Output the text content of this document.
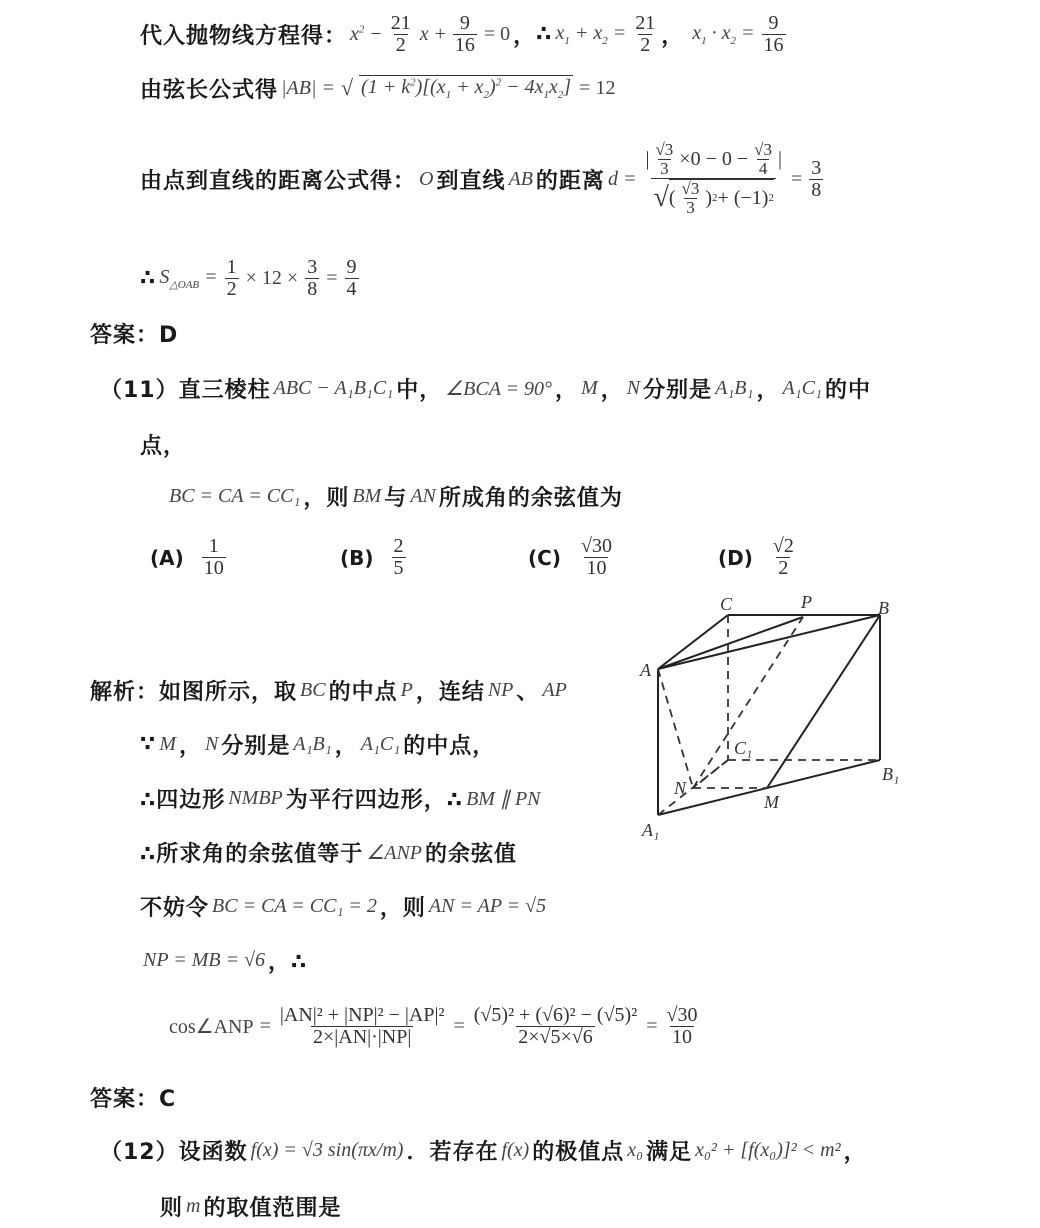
代入抛物线方程得： $x^2 - \frac{21}{2}$ $x + \frac{9}{16} = 0$ ， ∴ $x_1 + x_2 = \frac{21}{2}$ ， $x_1 \cdot x_2 = \frac{9}{16}$
由弦长公式得 |AB| = √ $(1 + k^2)[(x_1 + x_2)^2 - 4x_1x_2] = 12$
由点到直线的距离公式得： O 到直线 AB 的距离 $d = \frac{| \frac{√3}{3} \times 0 - 0 - \frac{√3}{4} |}{√ ( \frac{√3}{3} ) 2 + (-1) 2} = \frac{3}{8}$
∴ $S_{\triangle OAB} = \frac{1}{2} \times 12 \times \frac{3}{8} = \frac{9}{4}$
答案：D
（11） 直三棱柱 ABC − A₁B₁C₁ 中， ∠BCA = 90° ， M ， N 分别是 A₁B₁ ， A₁C₁ 的中
点，
BC = CA = CC₁ ，则 BM 与 AN 所成角的余弦值为
$(A) \frac{1}{10}$	$(B) \frac{2}{5}$	$(C) \frac{√30}{10}$	$(D) \frac{√2}{2}$
C	P	B
A
C₁
B₁
N
M
A₁
解析：如图所示，取 BC 的中点 P ，连结 NP 、 AP
∵ M ， N 分别是 A₁B₁ ， A₁C₁ 的中点，
∴四边形 NMBP 为平行四边形，∴ BM ∥ PN
∴所求角的余弦值等于 ∠ANP 的余弦值
不妨令 BC = CA = CC₁ = 2 ，则 AN = AP = √5
NP = MB = √6 ，∴
cos∠ANP = $\frac{\text{|AN|² + |NP|² − |AP|²}}{2\times|AN|\cdot|NP|} = \frac{\text{(√5)² + (√6)² − (√5)²}}{2\times√5\times√6} = \frac{√30}{10}$
答案：C
（12） 设函数 f(x) = √3 sin(πx/m) ．若存在 f(x) 的极值点 x₀ 满足 x₀² + [f(x₀)]² < m² ，
则 m 的取值范围是
